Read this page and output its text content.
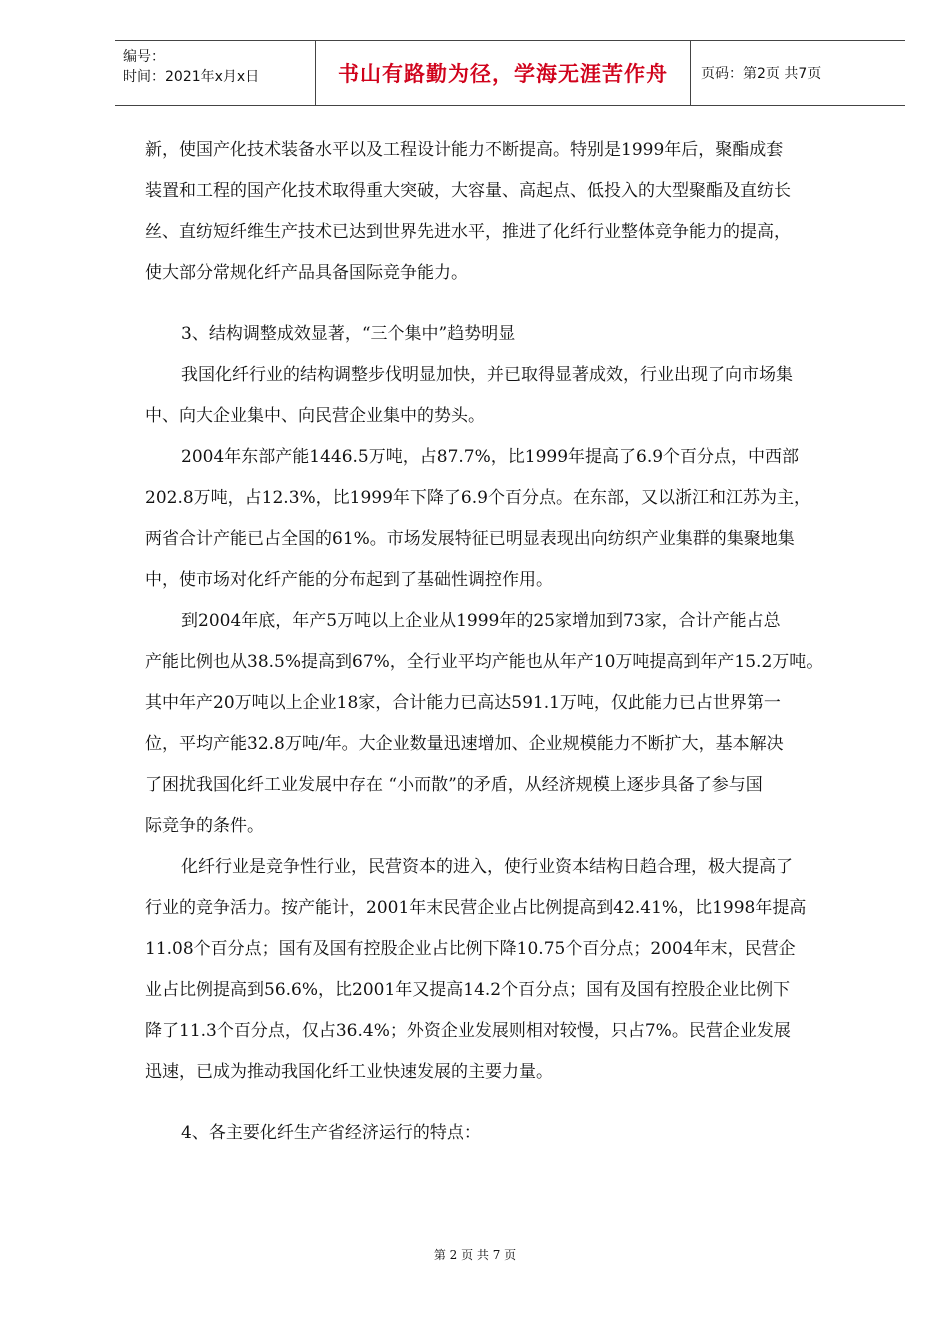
编号：
时间：2021年x月x日	书山有路勤为径，学海无涯苦作舟	页码：第2页 共7页
新，使国产化技术装备水平以及工程设计能力不断提高。特别是1999年后，聚酯成套
装置和工程的国产化技术取得重大突破，大容量、高起点、低投入的大型聚酯及直纺长
丝、直纺短纤维生产技术已达到世界先进水平，推进了化纤行业整体竞争能力的提高，
使大部分常规化纤产品具备国际竞争能力。
3、结构调整成效显著，“三个集中”趋势明显
我国化纤行业的结构调整步伐明显加快，并已取得显著成效，行业出现了向市场集
中、向大企业集中、向民营企业集中的势头。
2004年东部产能1446.5万吨，占87.7%，比1999年提高了6.9个百分点，中西部
202.8万吨，占12.3%，比1999年下降了6.9个百分点。在东部，又以浙江和江苏为主，
两省合计产能已占全国的61%。市场发展特征已明显表现出向纺织产业集群的集聚地集
中，使市场对化纤产能的分布起到了基础性调控作用。
到2004年底，年产5万吨以上企业从1999年的25家增加到73家，合计产能占总
产能比例也从38.5%提高到67%，全行业平均产能也从年产10万吨提高到年产15.2万吨。
其中年产20万吨以上企业18家，合计能力已高达591.1万吨，仅此能力已占世界第一
位，平均产能32.8万吨/年。大企业数量迅速增加、企业规模能力不断扩大，基本解决
了困扰我国化纤工业发展中存在 “小而散”的矛盾，从经济规模上逐步具备了参与国
际竞争的条件。
化纤行业是竞争性行业，民营资本的进入，使行业资本结构日趋合理，极大提高了
行业的竞争活力。按产能计，2001年末民营企业占比例提高到42.41%，比1998年提高
11.08个百分点；国有及国有控股企业占比例下降10.75个百分点；2004年末，民营企
业占比例提高到56.6%，比2001年又提高14.2个百分点；国有及国有控股企业比例下
降了11.3个百分点，仅占36.4%；外资企业发展则相对较慢，只占7%。民营企业发展
迅速，已成为推动我国化纤工业快速发展的主要力量。
4、各主要化纤生产省经济运行的特点：
第 2 页 共 7 页
